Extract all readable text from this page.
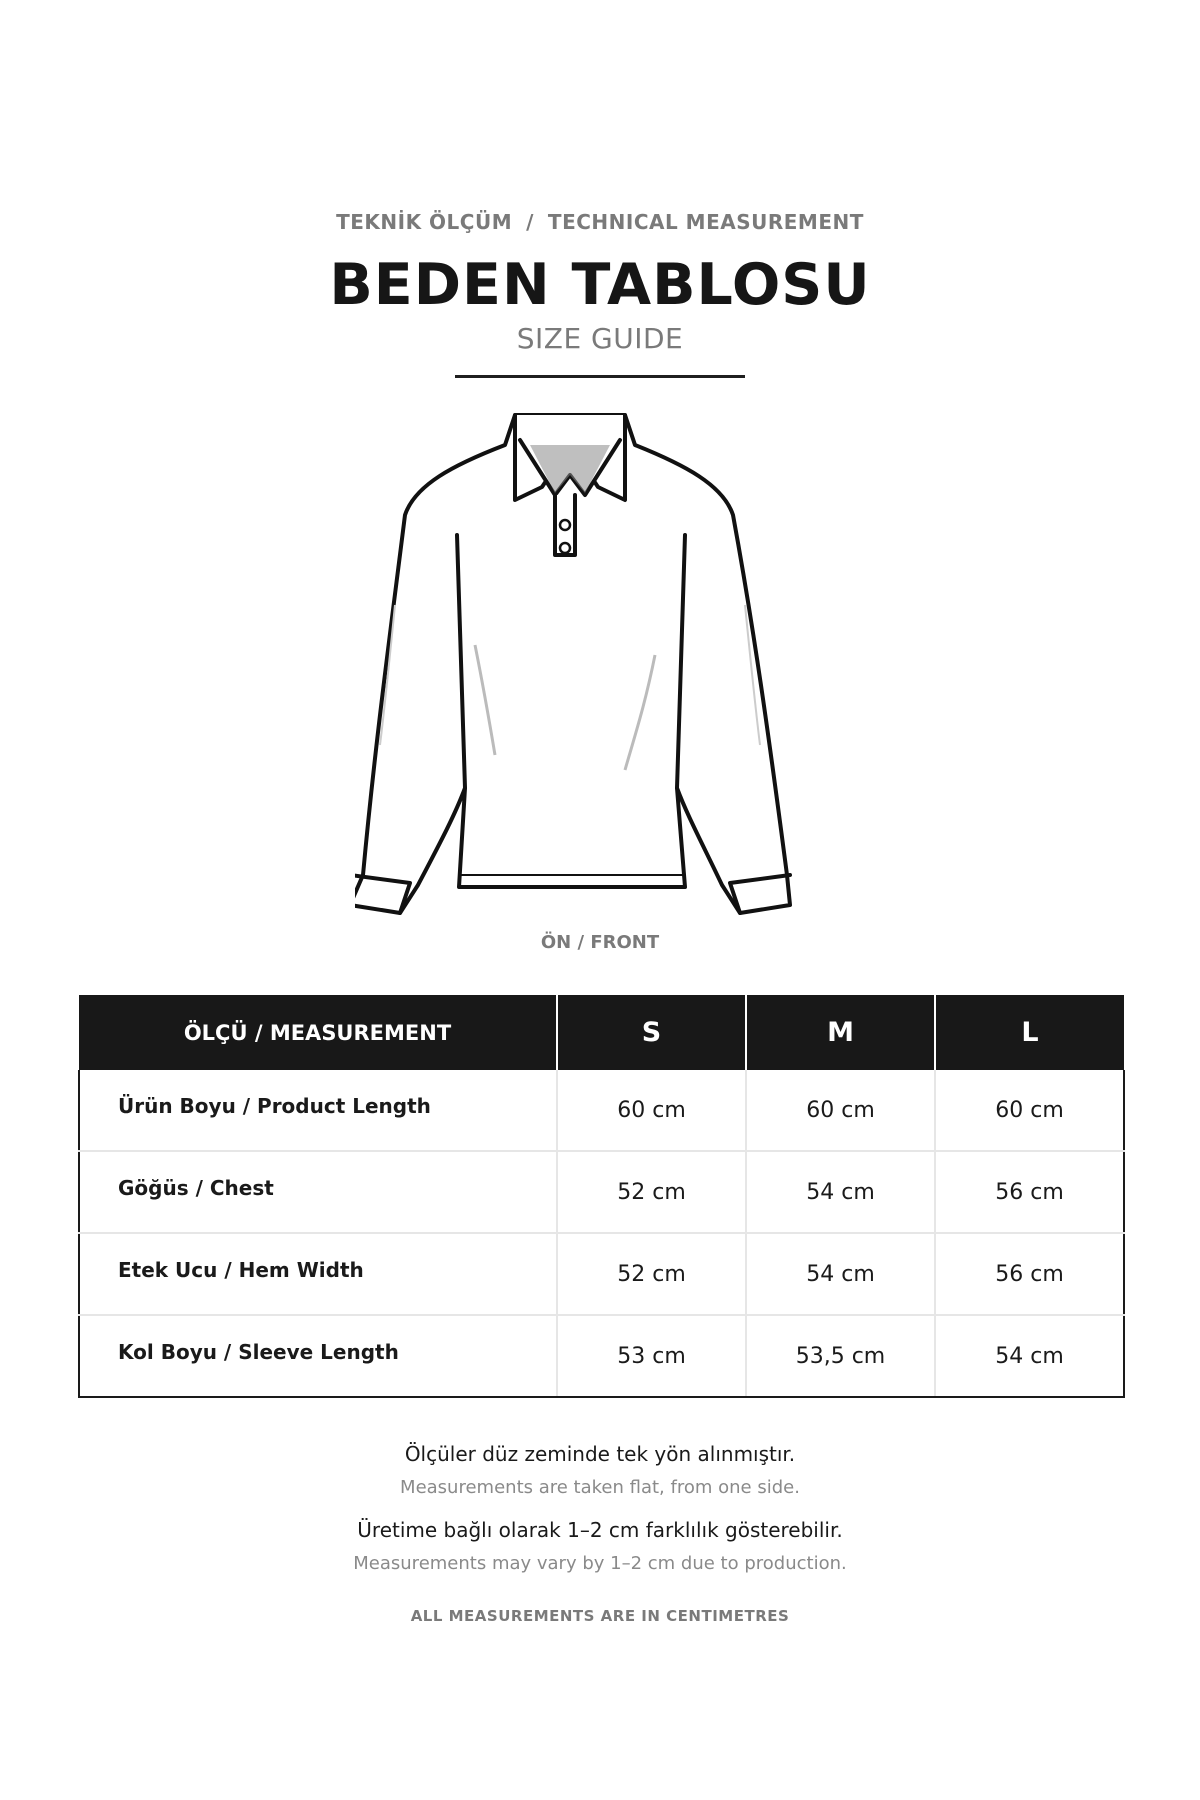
TEKNİK ÖLÇÜM / TECHNICAL MEASUREMENT
BEDEN TABLOSU
SIZE GUIDE
ÖN / FRONT
ÖLÇÜ / MEASUREMENT	S	M	L
Ürün Boyu / Product Length	60 cm	60 cm	60 cm
Göğüs / Chest	52 cm	54 cm	56 cm
Etek Ucu / Hem Width	52 cm	54 cm	56 cm
Kol Boyu / Sleeve Length	53 cm	53,5 cm	54 cm
Ölçüler düz zeminde tek yön alınmıştır.
Measurements are taken flat, from one side.
Üretime bağlı olarak 1–2 cm farklılık gösterebilir.
Measurements may vary by 1–2 cm due to production.
ALL MEASUREMENTS ARE IN CENTIMETRES
